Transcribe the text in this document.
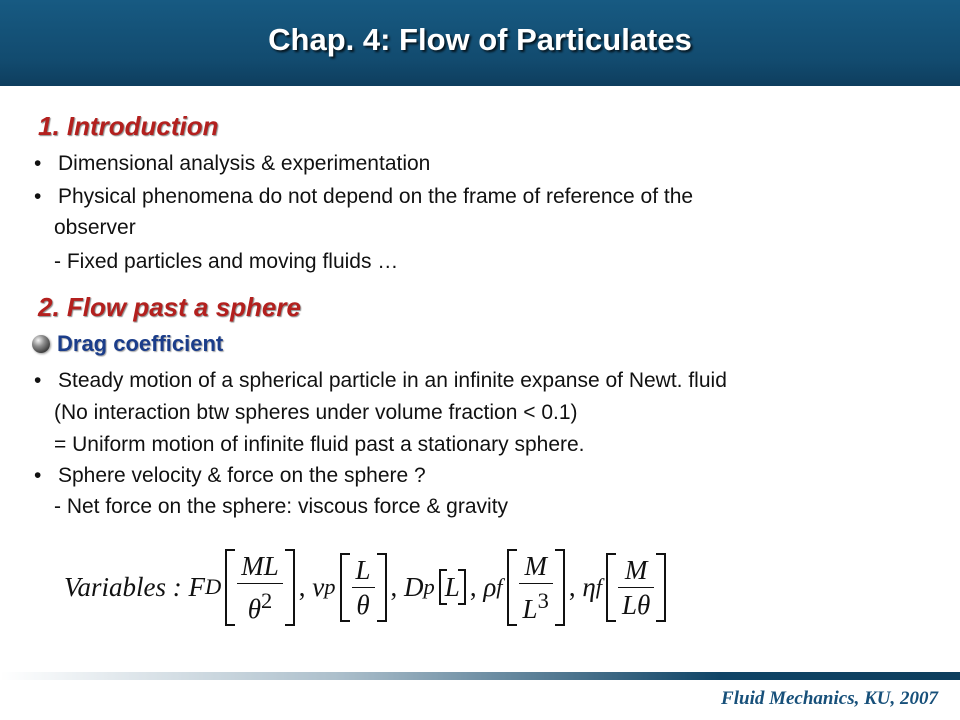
Chap. 4: Flow of Particulates
1. Introduction
• Dimensional analysis & experimentation
• Physical phenomena do not depend on the frame of reference of the
observer
- Fixed particles and moving fluids …
2. Flow past a sphere
Drag coefficient
• Steady motion of a spherical particle in an infinite expanse of Newt. fluid
(No interaction btw spheres under volume fraction < 0.1)
= Uniform motion of infinite fluid past a stationary sphere.
• Sphere velocity & force on the sphere ?
- Net force on the sphere: viscous force & gravity
Variables : F D $\frac{ML}{\theta^2}$ ,
v p $\frac{L}{\theta}$ ,
D p L ,
ρ f $\frac{M}{L^3}$ ,
η f $\frac{M}{L\theta}$
Fluid Mechanics, KU, 2007
